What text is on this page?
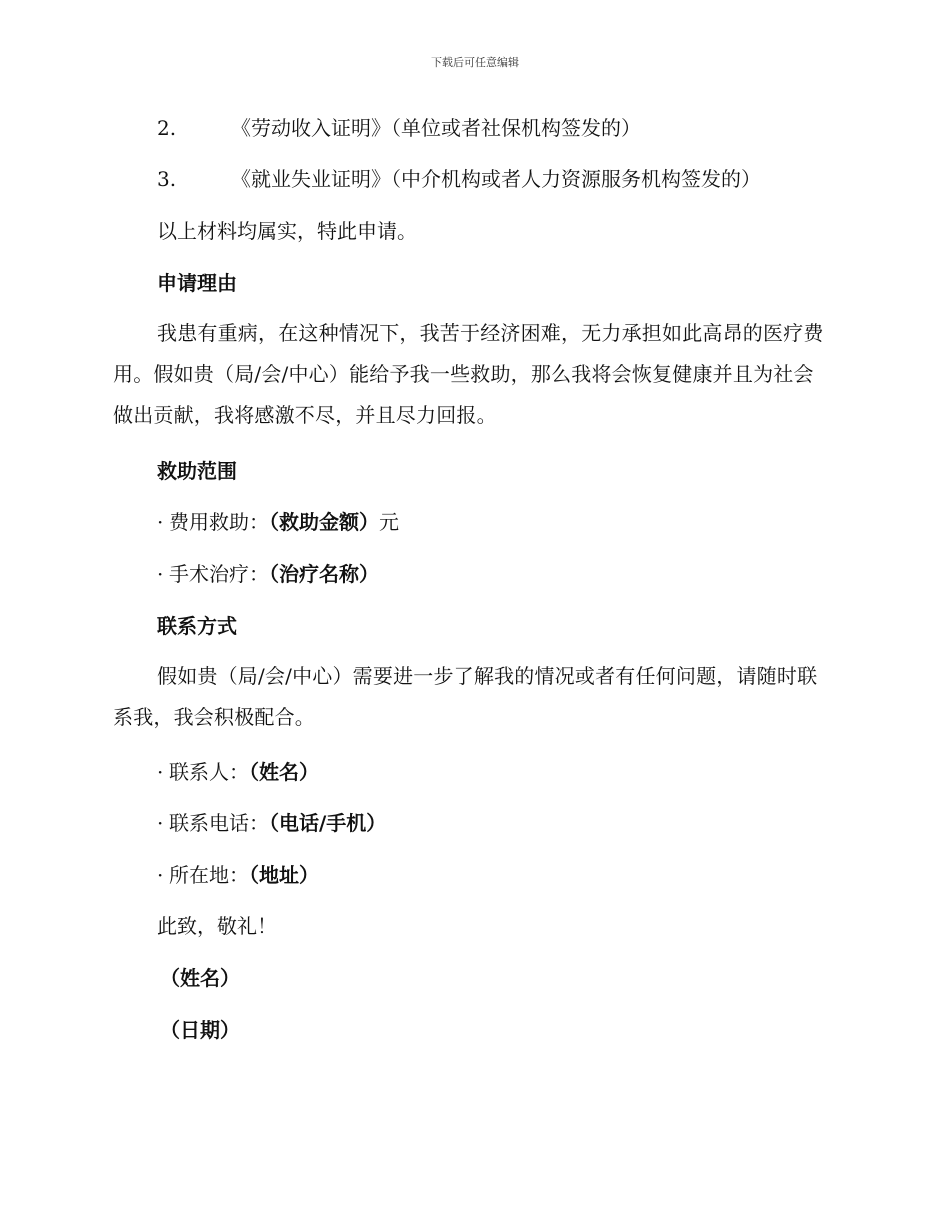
下载后可任意编辑
2.	《劳动收入证明》（单位或者社保机构签发的）
3.	《就业失业证明》（中介机构或者人力资源服务机构签发的）
以上材料均属实，特此申请。
申请理由
我患有重病，在这种情况下，我苦于经济困难，无力承担如此高昂的医疗费用。假如贵（局/会/中心）能给予我一些救助，那么我将会恢复健康并且为社会做出贡献，我将感激不尽，并且尽力回报。
救助范围
· 费用救助：（救助金额）元
· 手术治疗：（治疗名称）
联系方式
假如贵（局/会/中心）需要进一步了解我的情况或者有任何问题，请随时联系我，我会积极配合。
· 联系人：（姓名）
· 联系电话：（电话/手机）
· 所在地：（地址）
此致，敬礼！
（姓名）
（日期）
